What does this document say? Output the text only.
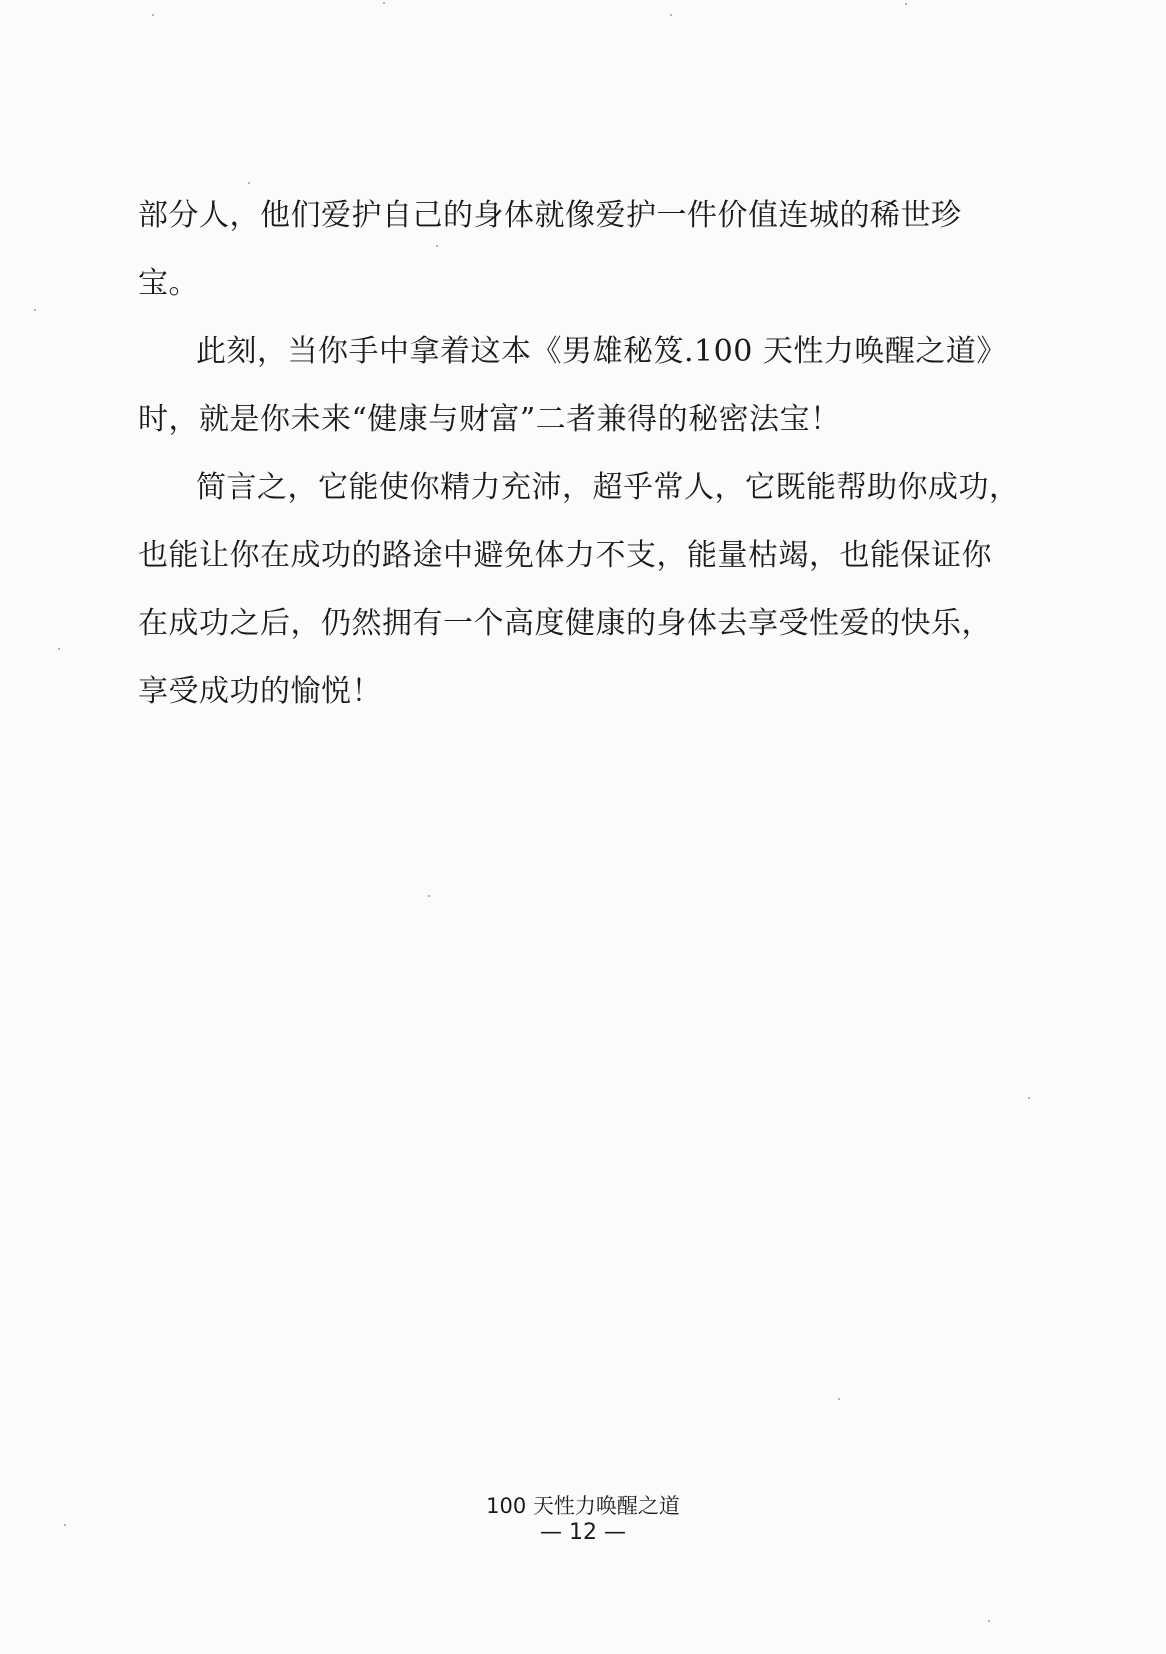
部分人，他们爱护自己的身体就像爱护一件价值连城的稀世珍
宝。
此刻，当你手中拿着这本《男雄秘笈.100 天性力唤醒之道》
时，就是你未来“健康与财富”二者兼得的秘密法宝！
简言之，它能使你精力充沛，超乎常人，它既能帮助你成功，
也能让你在成功的路途中避免体力不支，能量枯竭，也能保证你
在成功之后，仍然拥有一个高度健康的身体去享受性爱的快乐，
享受成功的愉悦！
100 天性力唤醒之道
— 12 —
